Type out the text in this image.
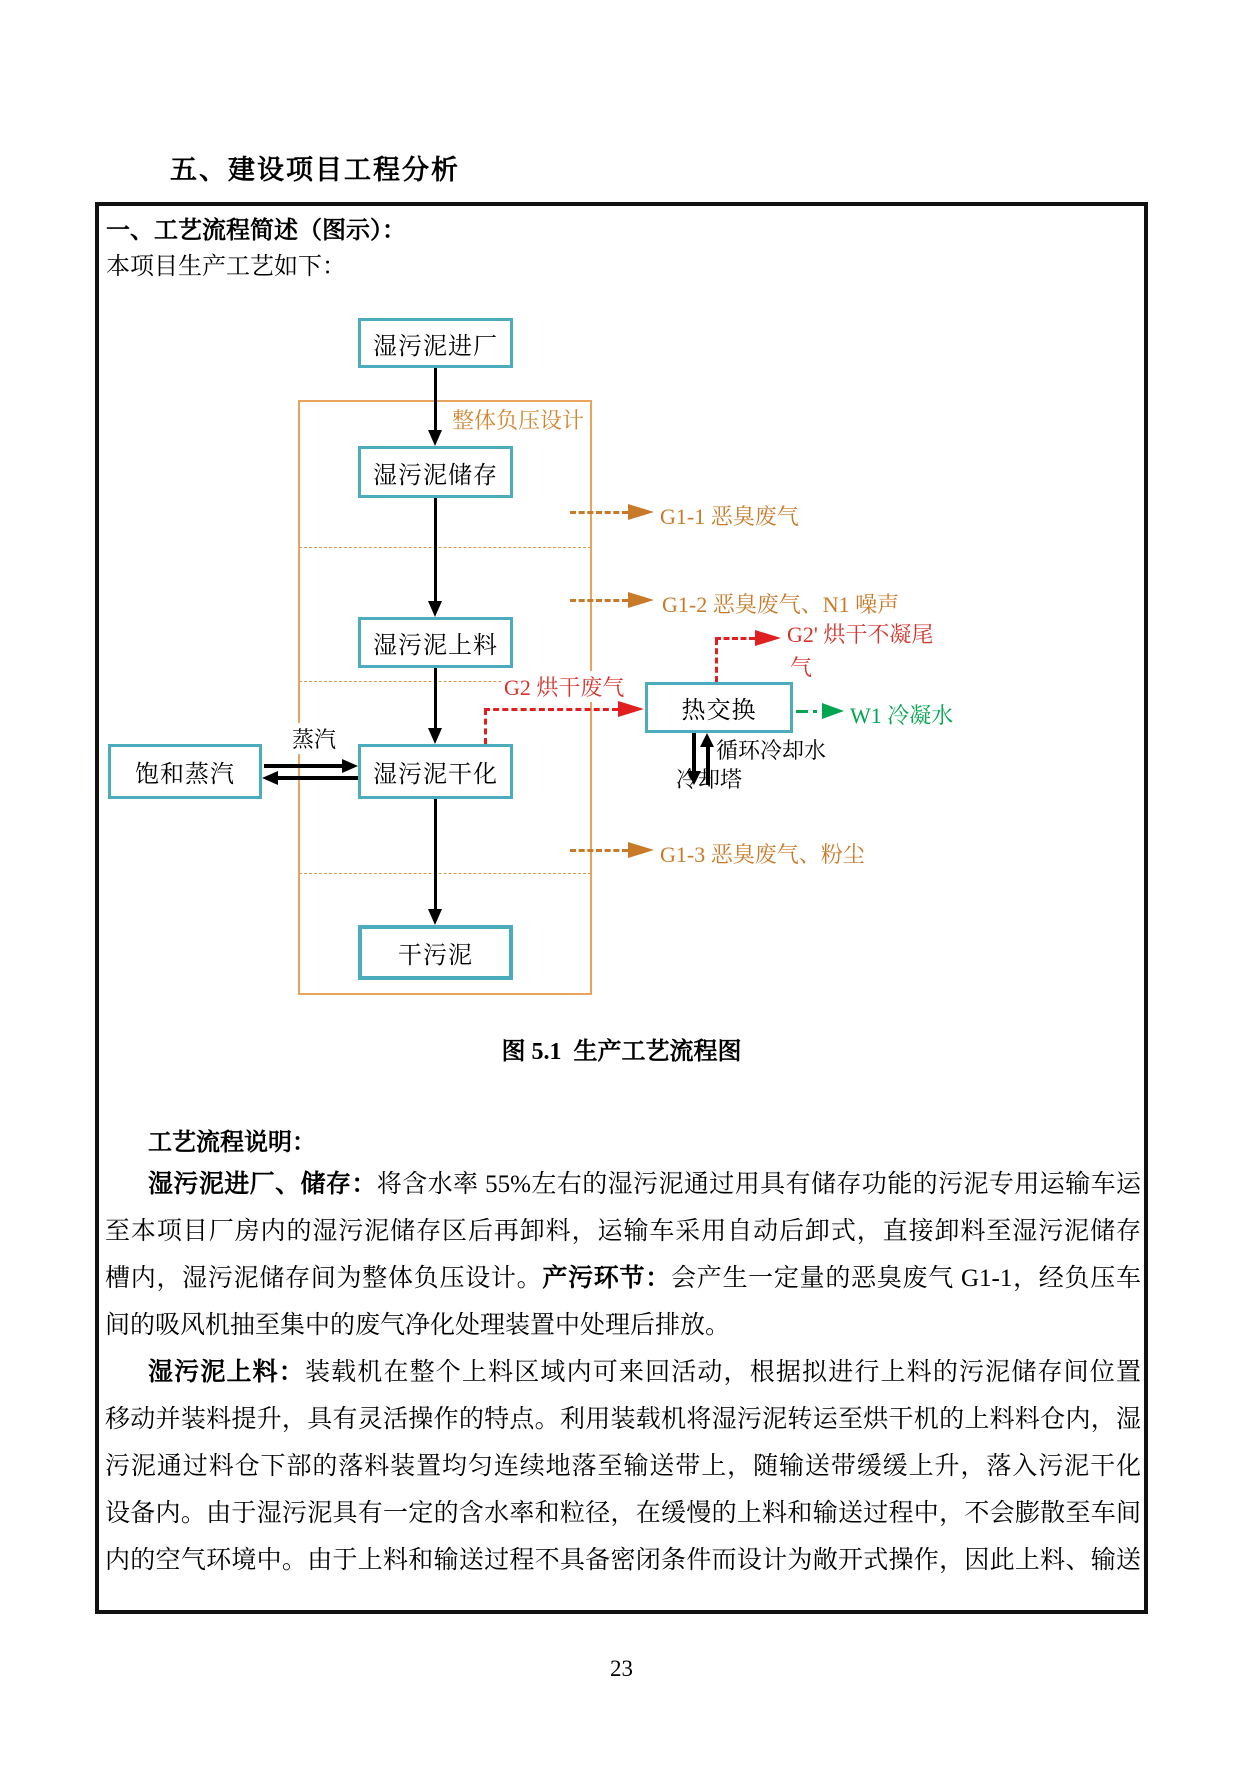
五、建设项目工程分析
一、工艺流程简述（图示）：
本项目生产工艺如下：
整体负压设计
湿污泥进厂
湿污泥储存
湿污泥上料
湿污泥干化
干污泥
饱和蒸汽
热交换
G1-1 恶臭废气
G1-2 恶臭废气、N1 噪声
G2' 烘干不凝尾
气
G2 烘干废气
W1 冷凝水
蒸汽	循环冷却水
冷却塔
G1-3 恶臭废气、粉尘
图 5.1  生产工艺流程图
工艺流程说明：
湿污泥进厂、储存：将含水率 55%左右的湿污泥通过用具有储存功能的污泥专用运输车运
至本项目厂房内的湿污泥储存区后再卸料，运输车采用自动后卸式，直接卸料至湿污泥储存
槽内，湿污泥储存间为整体负压设计。产污环节：会产生一定量的恶臭废气 G1-1，经负压车
间的吸风机抽至集中的废气净化处理装置中处理后排放。
湿污泥上料：装载机在整个上料区域内可来回活动，根据拟进行上料的污泥储存间位置
移动并装料提升，具有灵活操作的特点。利用装载机将湿污泥转运至烘干机的上料料仓内，湿
污泥通过料仓下部的落料装置均匀连续地落至输送带上，随输送带缓缓上升，落入污泥干化
设备内。由于湿污泥具有一定的含水率和粒径，在缓慢的上料和输送过程中，不会膨散至车间
内的空气环境中。由于上料和输送过程不具备密闭条件而设计为敞开式操作，因此上料、输送
23
